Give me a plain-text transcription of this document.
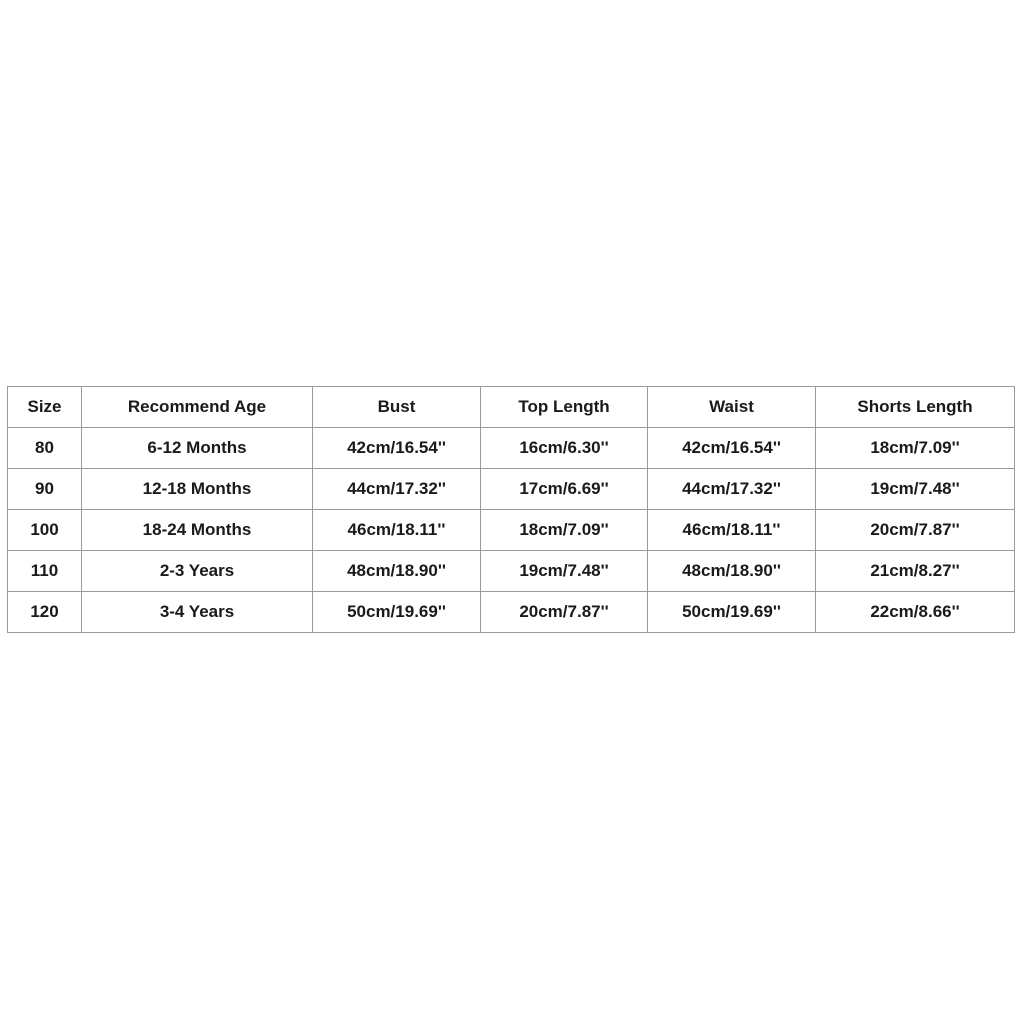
Size	Recommend Age	Bust	Top Length	Waist	Shorts Length
80	6-12 Months	42cm/16.54''	16cm/6.30''	42cm/16.54''	18cm/7.09''
90	12-18 Months	44cm/17.32''	17cm/6.69''	44cm/17.32''	19cm/7.48''
100	18-24 Months	46cm/18.11''	18cm/7.09''	46cm/18.11''	20cm/7.87''
110	2-3 Years	48cm/18.90''	19cm/7.48''	48cm/18.90''	21cm/8.27''
120	3-4 Years	50cm/19.69''	20cm/7.87''	50cm/19.69''	22cm/8.66''
